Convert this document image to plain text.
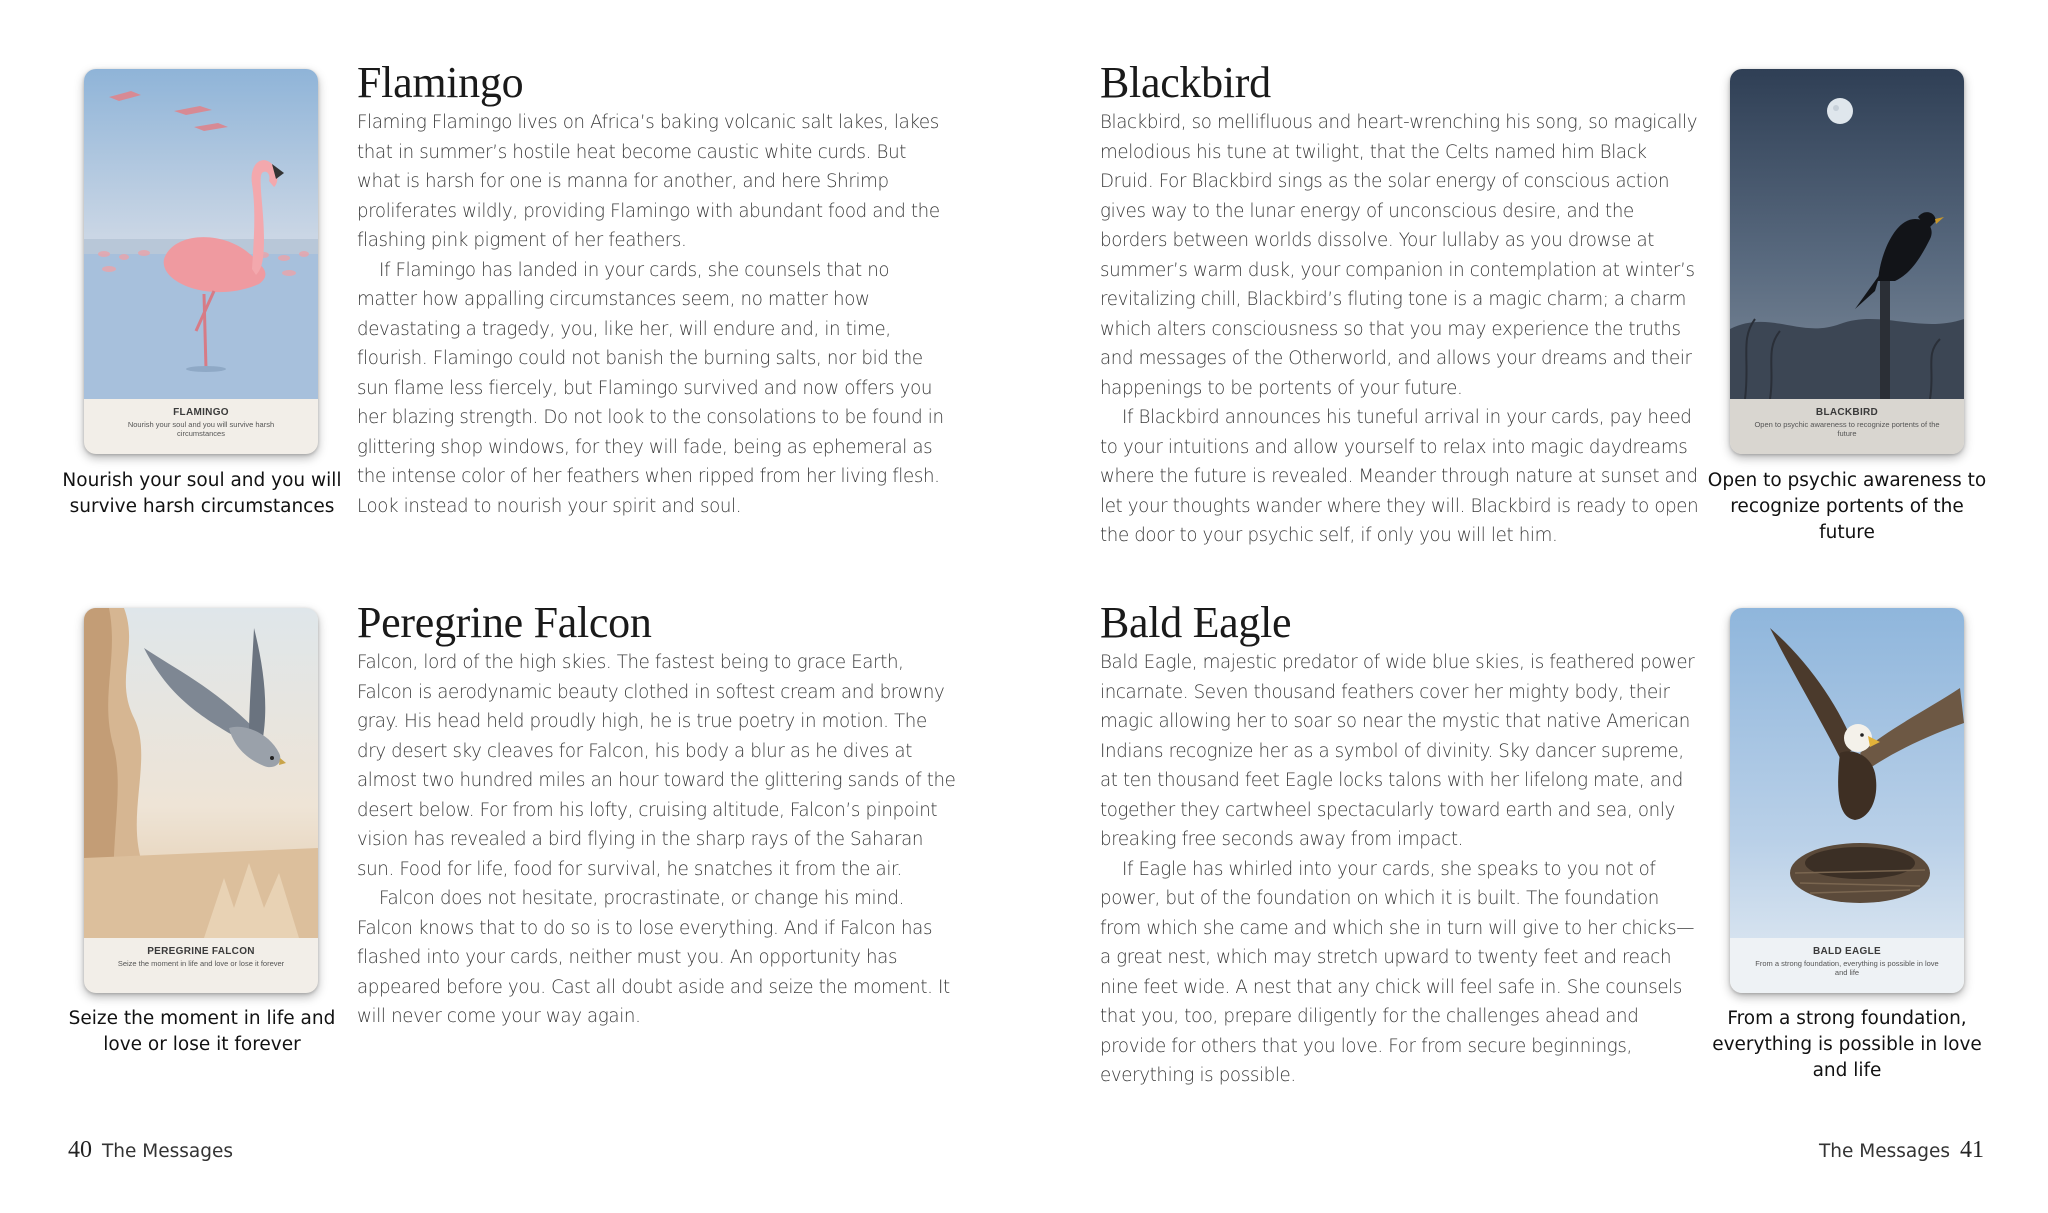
FLAMINGO
Nourish your soul and you will survive harsh circumstances
Nourish your soul and you will survive harsh circumstances
Flamingo

Flaming Flamingo lives on Africa’s baking volcanic salt lakes, lakes that in summer’s hostile heat become caustic white curds. But what is harsh for one is manna for another, and here Shrimp proliferates wildly, providing Flamingo with abundant food and the flashing pink pigment of her feathers.

If Flamingo has landed in your cards, she counsels that no matter how appalling circumstances seem, no matter how devastating a tragedy, you, like her, will endure and, in time, flourish. Flamingo could not banish the burning salts, nor bid the sun flame less fiercely, but Flamingo survived and now offers you her blazing strength. Do not look to the consolations to be found in glittering shop windows, for they will fade, being as ephemeral as the intense color of her feathers when ripped from her living flesh. Look instead to nourish your spirit and soul.

PEREGRINE FALCON
Seize the moment in life and love or lose it forever
Seize the moment in life and love or lose it forever
Peregrine Falcon

Falcon, lord of the high skies. The fastest being to grace Earth, Falcon is aerodynamic beauty clothed in softest cream and browny gray. His head held proudly high, he is true poetry in motion. The dry desert sky cleaves for Falcon, his body a blur as he dives at almost two hundred miles an hour toward the glittering sands of the desert below. For from his lofty, cruising altitude, Falcon’s pinpoint vision has revealed a bird flying in the sharp rays of the Saharan sun. Food for life, food for survival, he snatches it from the air.

Falcon does not hesitate, procrastinate, or change his mind. Falcon knows that to do so is to lose everything. And if Falcon has flashed into your cards, neither must you. An opportunity has appeared before you. Cast all doubt aside and seize the moment. It will never come your way again.

40 The Messages
Blackbird

Blackbird, so mellifluous and heart-wrenching his song, so magically melodious his tune at twilight, that the Celts named him Black Druid. For Blackbird sings as the solar energy of conscious action gives way to the lunar energy of unconscious desire, and the borders between worlds dissolve. Your lullaby as you drowse at summer’s warm dusk, your companion in contemplation at winter’s revitalizing chill, Blackbird’s fluting tone is a magic charm; a charm which alters consciousness so that you may experience the truths and messages of the Otherworld, and allows your dreams and their happenings to be portents of your future.

If Blackbird announces his tuneful arrival in your cards, pay heed to your intuitions and allow yourself to relax into magic daydreams where the future is revealed. Meander through nature at sunset and let your thoughts wander where they will. Blackbird is ready to open the door to your psychic self, if only you will let him.

BLACKBIRD
Open to psychic awareness to recognize portents of the future
Open to psychic awareness to recognize portents of the future
Bald Eagle

Bald Eagle, majestic predator of wide blue skies, is feathered power incarnate. Seven thousand feathers cover her mighty body, their magic allowing her to soar so near the mystic that native American Indians recognize her as a symbol of divinity. Sky dancer supreme, at ten thousand feet Eagle locks talons with her lifelong mate, and together they cartwheel spectacularly toward earth and sea, only breaking free seconds away from impact.

If Eagle has whirled into your cards, she speaks to you not of power, but of the foundation on which it is built. The foundation from which she came and which she in turn will give to her chicks—a great nest, which may stretch upward to twenty feet and reach nine feet wide. A nest that any chick will feel safe in. She counsels that you, too, prepare diligently for the challenges ahead and provide for others that you love. For from secure beginnings, everything is possible.

BALD EAGLE
From a strong foundation, everything is possible in love and life
From a strong foundation, everything is possible in love and life
The Messages 41
